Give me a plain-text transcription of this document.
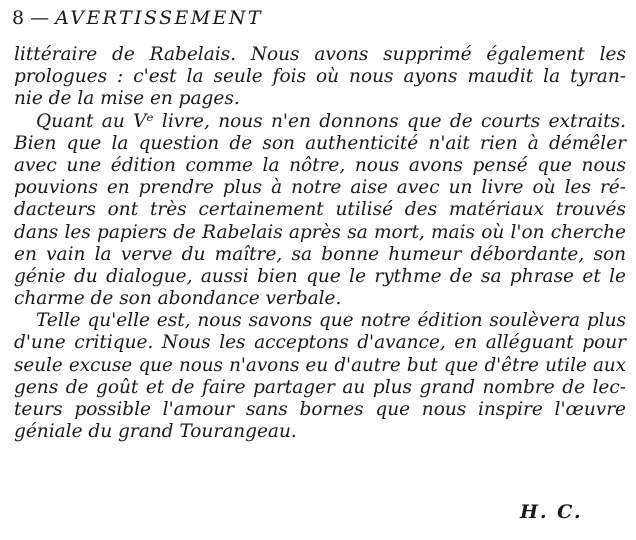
8 — AVERTISSEMENT
littéraire de Rabelais. Nous avons supprimé également les
prologues : c'est la seule fois où nous ayons maudit la tyran-
nie de la mise en pages.
Quant au Vᵉ livre, nous n'en donnons que de courts extraits.
Bien que la question de son authenticité n'ait rien à démêler
avec une édition comme la nôtre, nous avons pensé que nous
pouvions en prendre plus à notre aise avec un livre où les ré-
dacteurs ont très certainement utilisé des matériaux trouvés
dans les papiers de Rabelais après sa mort, mais où l'on cherche
en vain la verve du maître, sa bonne humeur débordante, son
génie du dialogue, aussi bien que le rythme de sa phrase et le
charme de son abondance verbale.
Telle qu'elle est, nous savons que notre édition soulèvera plus
d'une critique. Nous les acceptons d'avance, en alléguant pour
seule excuse que nous n'avons eu d'autre but que d'être utile aux
gens de goût et de faire partager au plus grand nombre de lec-
teurs possible l'amour sans bornes que nous inspire l'œuvre
géniale du grand Tourangeau.
H. C.
